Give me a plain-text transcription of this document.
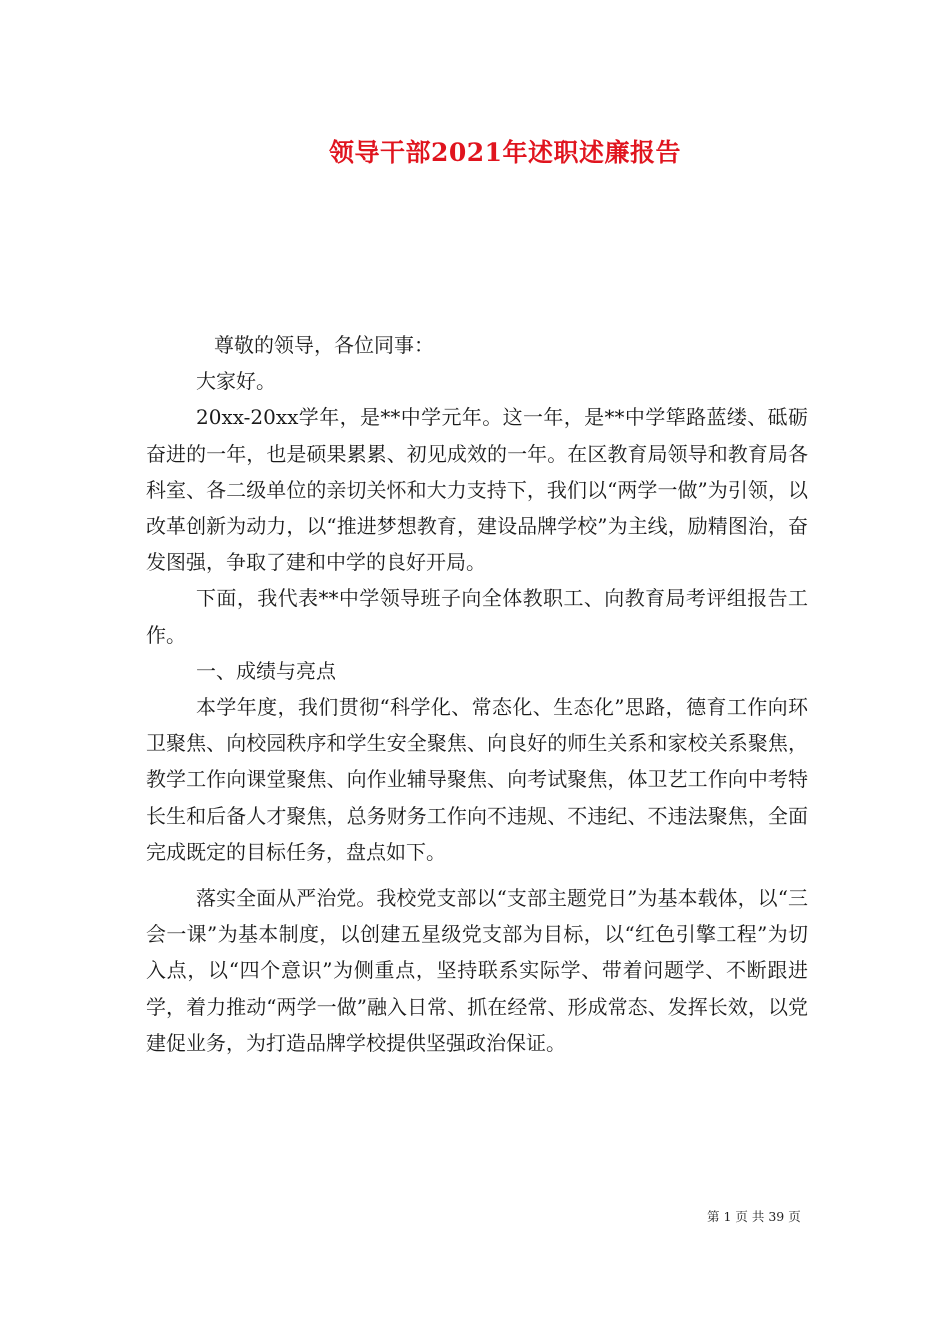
领导干部2021年述职述廉报告

尊敬的领导，各位同事：

大家好。

20xx-20xx学年，是**中学元年。这一年，是**中学筚路蓝缕、砥砺奋进的一年，也是硕果累累、初见成效的一年。在区教育局领导和教育局各科室、各二级单位的亲切关怀和大力支持下，我们以“两学一做”为引领，以改革创新为动力，以“推进梦想教育，建设品牌学校”为主线，励精图治，奋发图强，争取了建和中学的良好开局。

下面，我代表**中学领导班子向全体教职工、向教育局考评组报告工作。

一、成绩与亮点

本学年度，我们贯彻“科学化、常态化、生态化”思路，德育工作向环卫聚焦、向校园秩序和学生安全聚焦、向良好的师生关系和家校关系聚焦，教学工作向课堂聚焦、向作业辅导聚焦、向考试聚焦，体卫艺工作向中考特长生和后备人才聚焦，总务财务工作向不违规、不违纪、不违法聚焦，全面完成既定的目标任务，盘点如下。

落实全面从严治党。我校党支部以“支部主题党日”为基本载体，以“三会一课”为基本制度，以创建五星级党支部为目标，以“红色引擎工程”为切入点，以“四个意识”为侧重点，坚持联系实际学、带着问题学、不断跟进学，着力推动“两学一做”融入日常、抓在经常、形成常态、发挥长效，以党建促业务，为打造品牌学校提供坚强政治保证。

第 1 页 共 39 页
